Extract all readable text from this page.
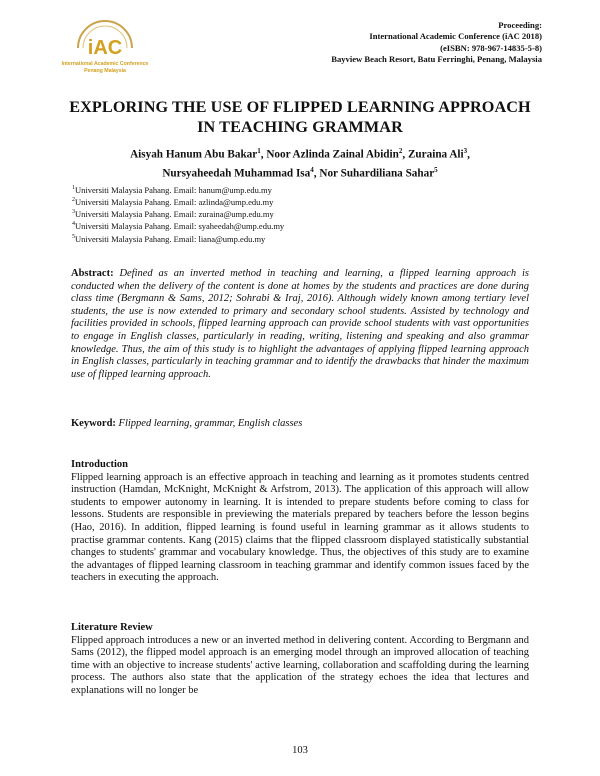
iAC
International Academic Conference
Penang Malaysia
Proceeding:
International Academic Conference (iAC 2018)
(eISBN: 978-967-14835-5-8)
Bayview Beach Resort, Batu Ferringhi, Penang, Malaysia
EXPLORING THE USE OF FLIPPED LEARNING APPROACH
IN TEACHING GRAMMAR
Aisyah Hanum Abu Bakar$^1$, Noor Azlinda Zainal Abidin$^2$, Zuraina Ali$^3$,
Nursyaheedah Muhammad Isa$^4$, Nor Suhardiliana Sahar$^5$
$^1$Universiti Malaysia Pahang. Email: hanum@ump.edu.my
$^2$Universiti Malaysia Pahang. Email: azlinda@ump.edu.my
$^3$Universiti Malaysia Pahang. Email: zuraina@ump.edu.my
$^4$Universiti Malaysia Pahang. Email: syaheedah@ump.edu.my
$^5$Universiti Malaysia Pahang. Email: liana@ump.edu.my
Abstract: Defined as an inverted method in teaching and learning, a flipped learning approach is conducted when the delivery of the content is done at homes by the students and practices are done during class time (Bergmann & Sams, 2012; Sohrabi & Iraj, 2016). Although widely known among tertiary level students, the use is now extended to primary and secondary school students. Assisted by technology and facilities provided in schools, flipped learning approach can provide school students with vast opportunities to engage in English classes, particularly in reading, writing, listening and speaking and also grammar knowledge. Thus, the aim of this study is to highlight the advantages of applying flipped learning approach in English classes, particularly in teaching grammar and to identify the drawbacks that hinder the maximum use of flipped learning approach.
Keyword: Flipped learning, grammar, English classes
Introduction
Flipped learning approach is an effective approach in teaching and learning as it promotes students centred instruction (Hamdan, McKnight, McKnight & Arfstrom, 2013). The application of this approach will allow students to empower autonomy in learning. It is intended to prepare students before coming to class for lessons. Students are responsible in previewing the materials prepared by teachers before the lesson begins (Hao, 2016). In addition, flipped learning is found useful in learning grammar as it allows students to practise grammar contents. Kang (2015) claims that the flipped classroom displayed statistically substantial changes to students' grammar and vocabulary knowledge. Thus, the objectives of this study are to examine the advantages of flipped learning classroom in teaching grammar and identify common issues faced by the teachers in executing the approach.
Literature Review
Flipped approach introduces a new or an inverted method in delivering content. According to Bergmann and Sams (2012), the flipped model approach is an emerging model through an improved allocation of teaching time with an objective to increase students' active learning, collaboration and scaffolding during the learning process. The authors also state that the application of the strategy echoes the idea that lectures and explanations will no longer be
103
